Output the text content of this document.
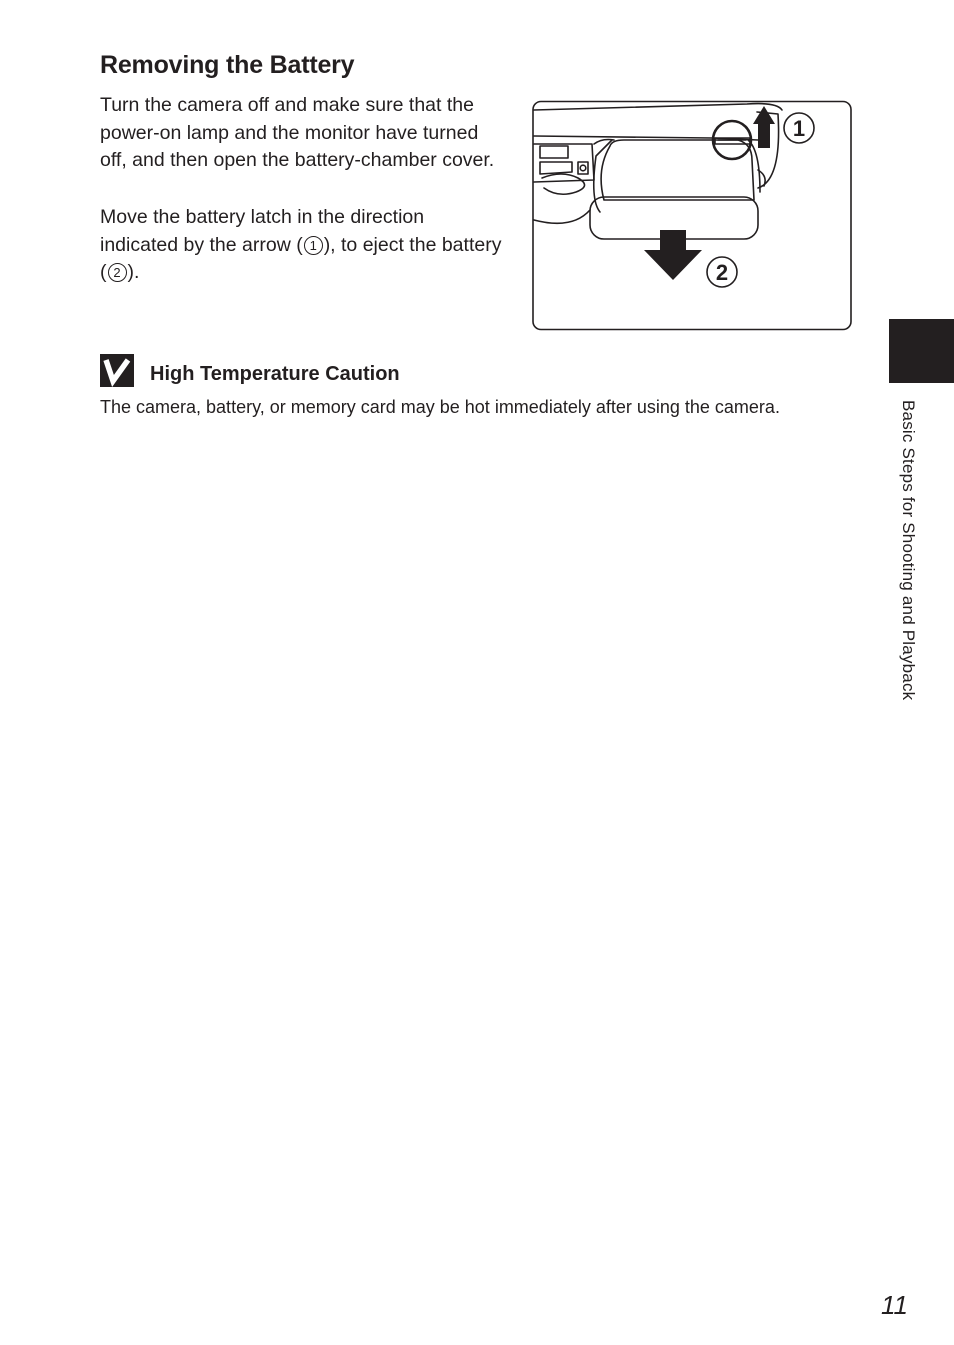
Removing the Battery

Turn the camera off and make sure that the power-on lamp and the monitor have turned off, and then open the battery-chamber cover.

Move the battery latch in the direction indicated by the arrow ( 1 ), to eject the battery ( 2 ).

1
2
High Temperature Caution

The camera, battery, or memory card may be hot immediately after using the camera.	Basic Steps for Shooting and Playback
11
